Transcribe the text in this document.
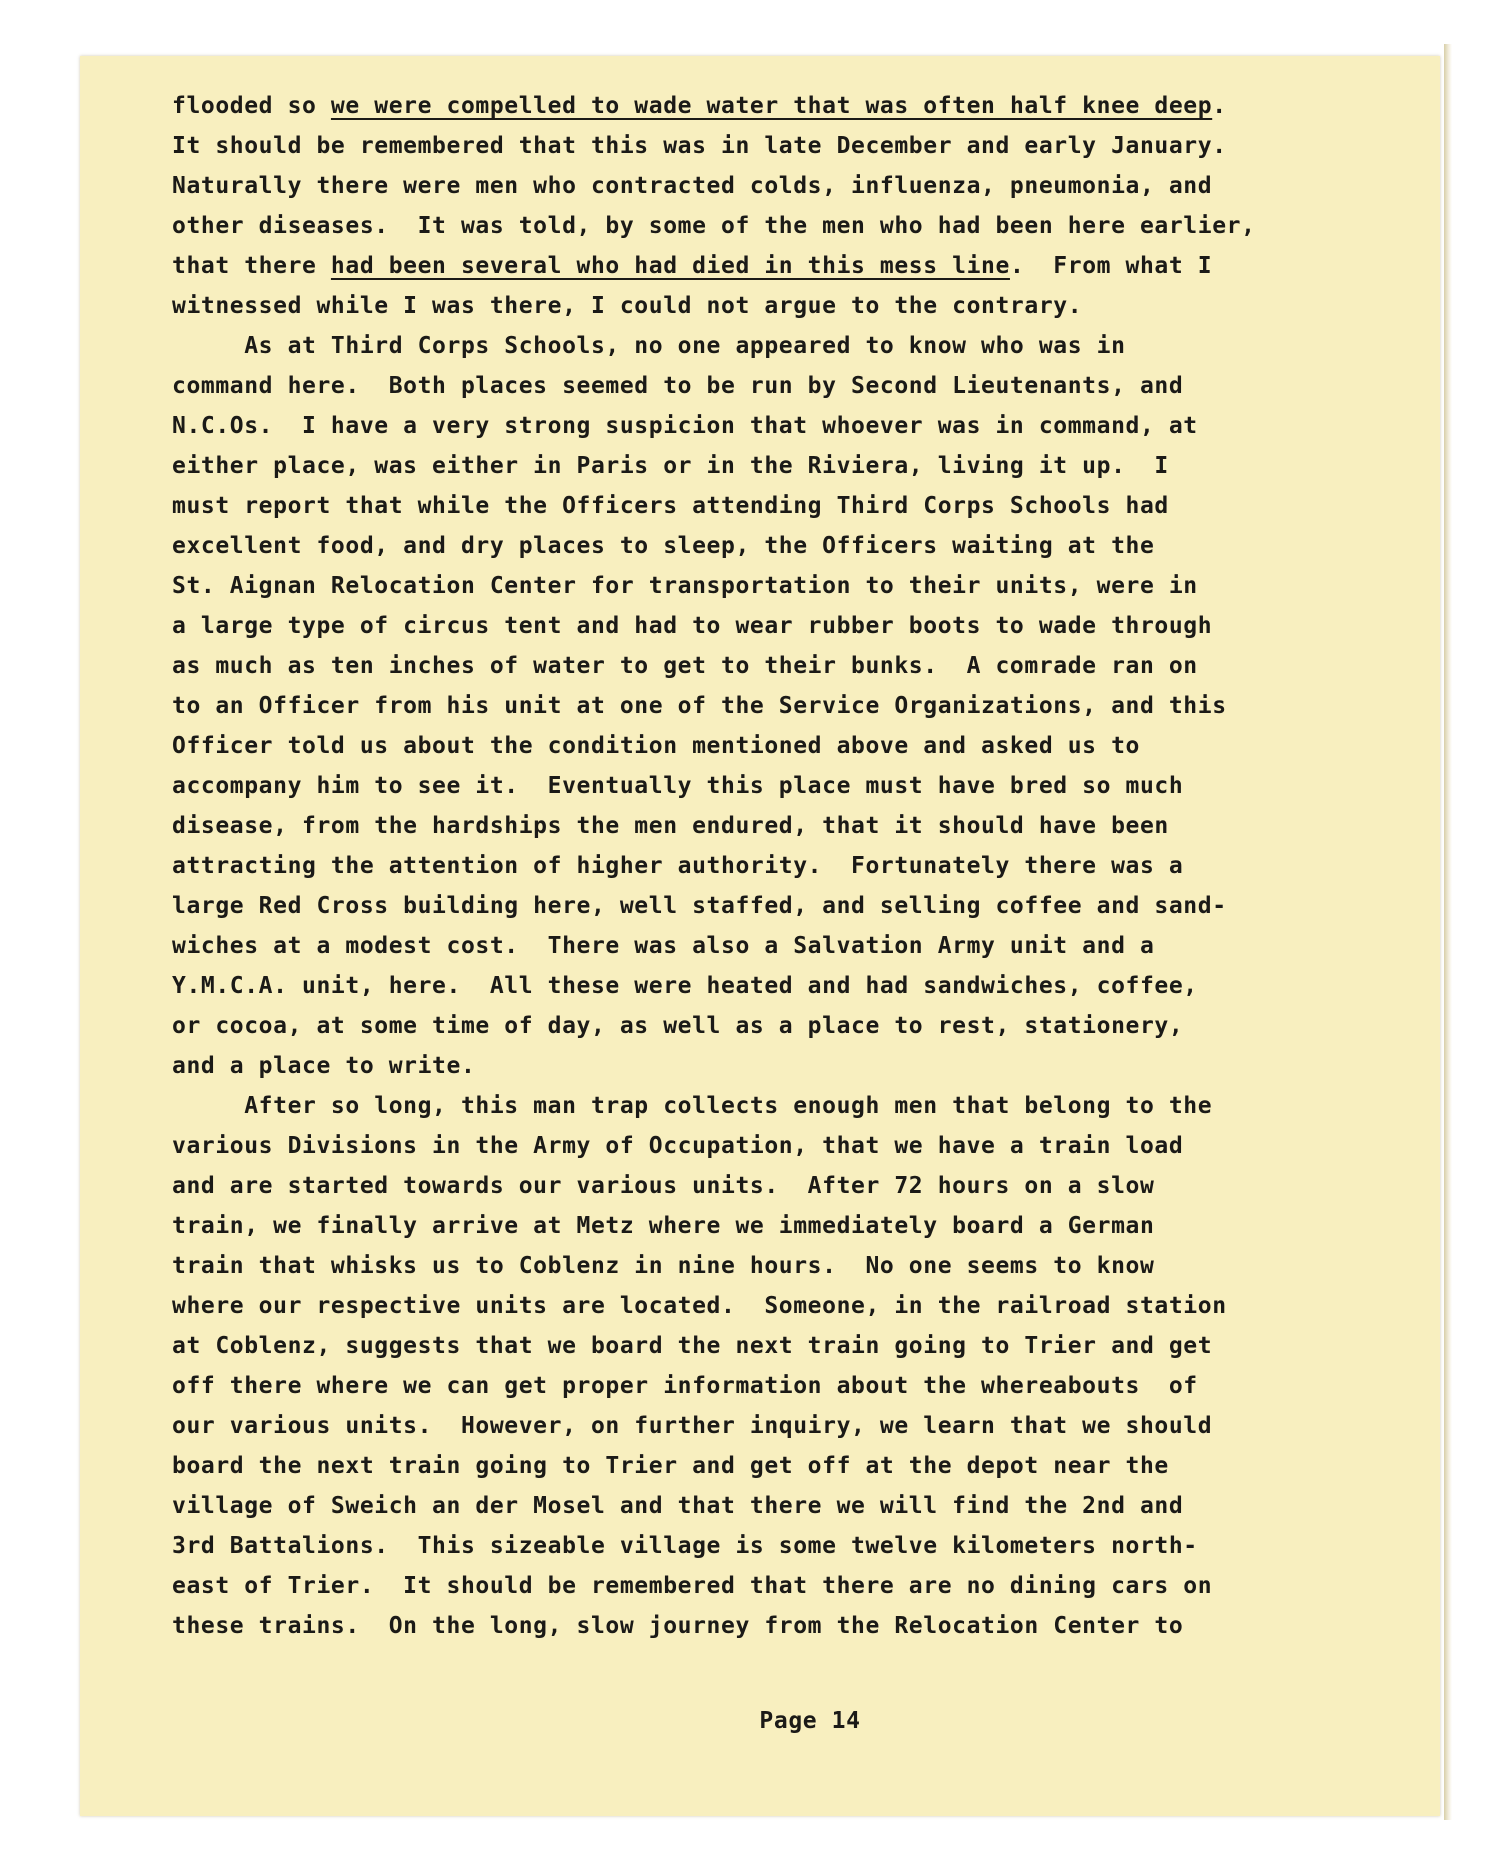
flooded so we were compelled to wade water that was often half knee deep.
It should be remembered that this was in late December and early January.
Naturally there were men who contracted colds, influenza, pneumonia, and
other diseases.  It was told, by some of the men who had been here earlier,
that there had been several who had died in this mess line.  From what I
witnessed while I was there, I could not argue to the contrary.
As at Third Corps Schools, no one appeared to know who was in
command here.  Both places seemed to be run by Second Lieutenants, and
N.C.Os.  I have a very strong suspicion that whoever was in command, at
either place, was either in Paris or in the Riviera, living it up.  I
must report that while the Officers attending Third Corps Schools had
excellent food, and dry places to sleep, the Officers waiting at the
St. Aignan Relocation Center for transportation to their units, were in
a large type of circus tent and had to wear rubber boots to wade through
as much as ten inches of water to get to their bunks.  A comrade ran on
to an Officer from his unit at one of the Service Organizations, and this
Officer told us about the condition mentioned above and asked us to
accompany him to see it.  Eventually this place must have bred so much
disease, from the hardships the men endured, that it should have been
attracting the attention of higher authority.  Fortunately there was a
large Red Cross building here, well staffed, and selling coffee and sand-
wiches at a modest cost.  There was also a Salvation Army unit and a
Y.M.C.A. unit, here.  All these were heated and had sandwiches, coffee,
or cocoa, at some time of day, as well as a place to rest, stationery,
and a place to write.
After so long, this man trap collects enough men that belong to the
various Divisions in the Army of Occupation, that we have a train load
and are started towards our various units.  After 72 hours on a slow
train, we finally arrive at Metz where we immediately board a German
train that whisks us to Coblenz in nine hours.  No one seems to know
where our respective units are located.  Someone, in the railroad station
at Coblenz, suggests that we board the next train going to Trier and get
off there where we can get proper information about the whereabouts  of
our various units.  However, on further inquiry, we learn that we should
board the next train going to Trier and get off at the depot near the
village of Sweich an der Mosel and that there we will find the 2nd and
3rd Battalions.  This sizeable village is some twelve kilometers north-
east of Trier.  It should be remembered that there are no dining cars on
these trains.  On the long, slow journey from the Relocation Center to
Page 14
